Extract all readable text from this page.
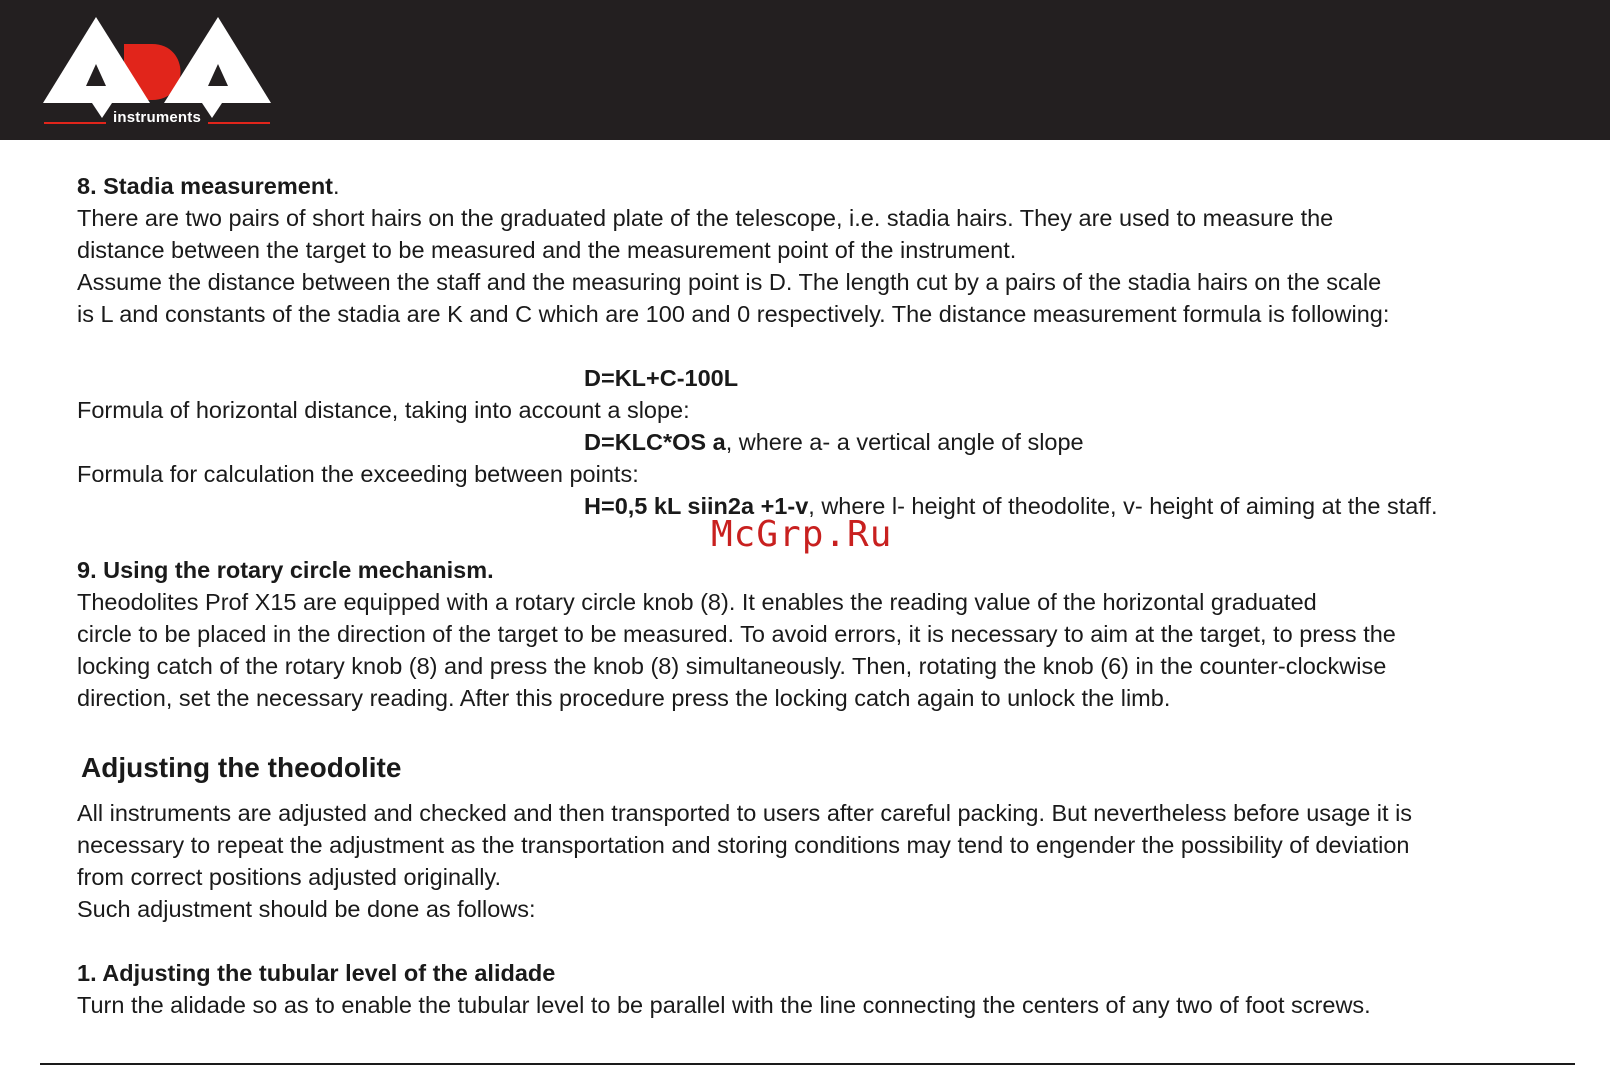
instruments
8. Stadia measurement.
There are two pairs of short hairs on the graduated plate of the telescope, i.e. stadia hairs. They are used to measure the
distance between the target to be measured and the measurement point of the instrument.
Assume the distance between the staff and the measuring point is D. The length cut by a pairs of the stadia hairs on the scale
is L and constants of the stadia are K and C which are 100 and 0 respectively. The distance measurement formula is following:
D=KL+C-100L
Formula of horizontal distance, taking into account a slope:
D=KLC*OS a, where a- a vertical angle of slope
Formula for calculation the exceeding between points:
H=0,5 kL siin2a +1-v, where l- height of theodolite, v- height of aiming at the staff.
McGrp.Ru
9. Using the rotary circle mechanism.
Theodolites Prof X15 are equipped with a rotary circle knob (8). It enables the reading value of the horizontal graduated
circle to be placed in the direction of the target to be measured. To avoid errors, it is necessary to aim at the target, to press the
locking catch of the rotary knob (8) and press the knob (8) simultaneously. Then, rotating the knob (6) in the counter-clockwise
direction, set the necessary reading. After this procedure press the locking catch again to unlock the limb.
Adjusting the theodolite
All instruments are adjusted and checked and then transported to users after careful packing. But nevertheless before usage it is
necessary to repeat the adjustment as the transportation and storing conditions may tend to engender the possibility of deviation
from correct positions adjusted originally.
Such adjustment should be done as follows:
1. Adjusting the tubular level of the alidade
Turn the alidade so as to enable the tubular level to be parallel with the line connecting the centers of any two of foot screws.
